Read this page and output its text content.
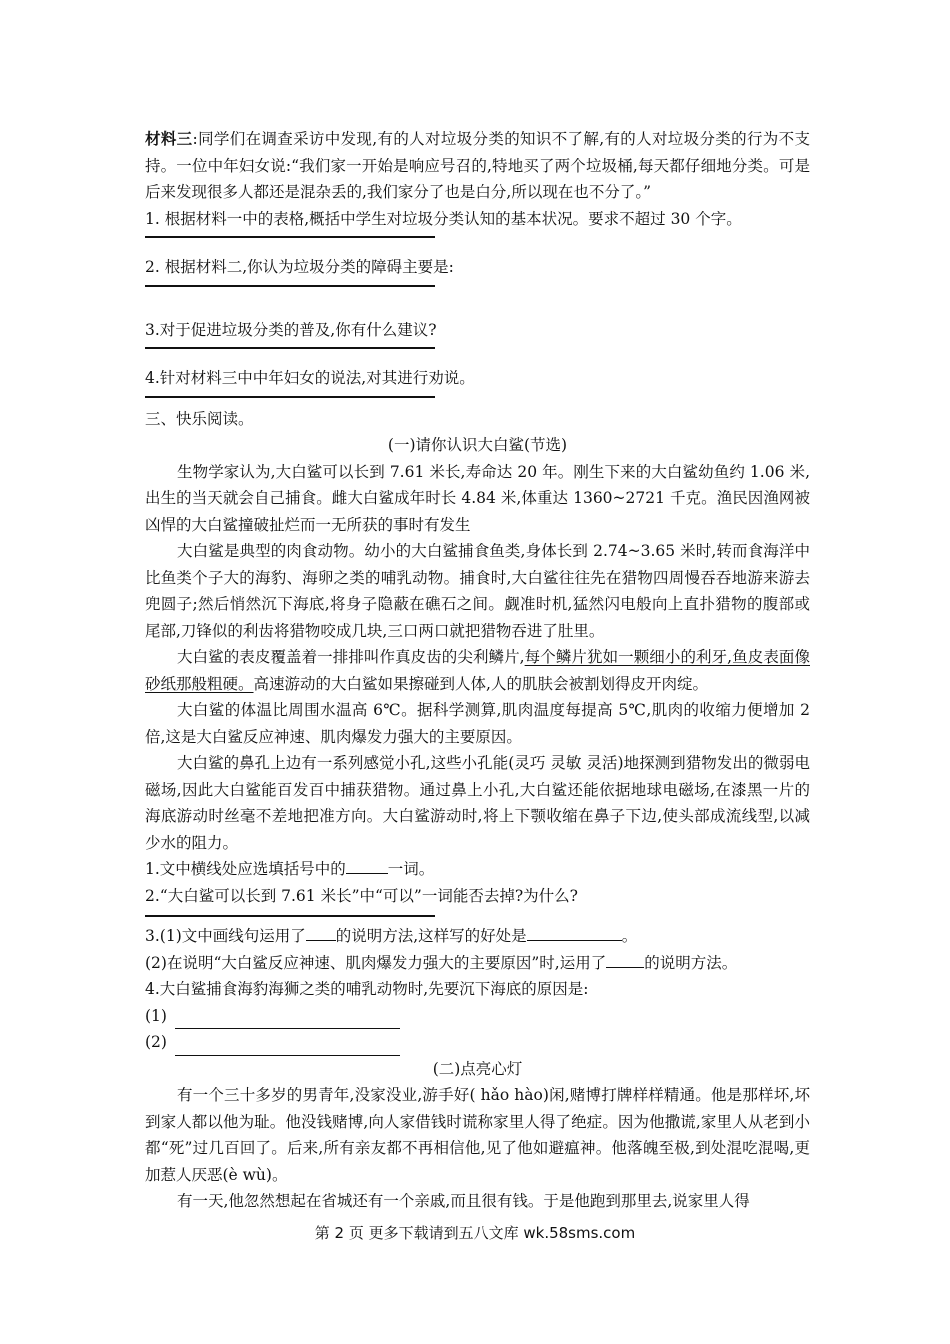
材料三:同学们在调查采访中发现,有的人对垃圾分类的知识不了解,有的人对垃圾分类的行为不支持。一位中年妇女说:“我们家一开始是响应号召的,特地买了两个垃圾桶,每天都仔细地分类。可是后来发现很多人都还是混杂丢的,我们家分了也是白分,所以现在也不分了。”

1. 根据材料一中的表格,概括中学生对垃圾分类认知的基本状况。要求不超过 30 个字。

2. 根据材料二,你认为垃圾分类的障碍主要是:

3.对于促进垃圾分类的普及,你有什么建议?

4.针对材料三中中年妇女的说法,对其进行劝说。

三、快乐阅读。

(一)请你认识大白鲨(节选)

生物学家认为,大白鲨可以长到 7.61 米长,寿命达 20 年。刚生下来的大白鲨幼鱼约 1.06 米,出生的当天就会自己捕食。雌大白鲨成年时长 4.84 米,体重达 1360~2721 千克。渔民因渔网被凶悍的大白鲨撞破扯烂而一无所获的事时有发生

大白鲨是典型的肉食动物。幼小的大白鲨捕食鱼类,身体长到 2.74~3.65 米时,转而食海洋中比鱼类个子大的海豹、海卵之类的哺乳动物。捕食时,大白鲨往往先在猎物四周慢吞吞地游来游去兜圆子;然后悄然沉下海底,将身子隐蔽在礁石之间。觑准时机,猛然闪电般向上直扑猎物的腹部或尾部,刀锋似的利齿将猎物咬成几块,三口两口就把猎物吞进了肚里。

大白鲨的表皮覆盖着一排排叫作真皮齿的尖利鳞片,每个鳞片犹如一颗细小的利牙,鱼皮表面像砂纸那般粗硬。高速游动的大白鲨如果擦碰到人体,人的肌肤会被割划得皮开肉绽。

大白鲨的体温比周围水温高 6℃。据科学测算,肌肉温度每提高 5℃,肌肉的收缩力便增加 2 倍,这是大白鲨反应神速、肌肉爆发力强大的主要原因。

大白鲨的鼻孔上边有一系列感觉小孔,这些小孔能(灵巧 灵敏 灵活)地探测到猎物发出的微弱电磁场,因此大白鲨能百发百中捕获猎物。通过鼻上小孔,大白鲨还能依据地球电磁场,在漆黑一片的海底游动时丝毫不差地把准方向。大白鲨游动时,将上下颚收缩在鼻子下边,使头部成流线型,以减少水的阻力。

1.文中横线处应选填括号中的	一词。

2.“大白鲨可以长到 7.61 米长”中“可以”一词能否去掉?为什么?

3.(1)文中画线句运用了 的说明方法,这样写的好处是	。

(2)在说明“大白鲨反应神速、肌肉爆发力强大的主要原因”时,运用了 的说明方法。

4.大白鲨捕食海豹海狮之类的哺乳动物时,先要沉下海底的原因是:

(1)

(2)

(二)点亮心灯

有一个三十多岁的男青年,没家没业,游手好( hǎo hào)闲,赌博打牌样样精通。他是那样坏,坏到家人都以他为耻。他没钱赌博,向人家借钱时谎称家里人得了绝症。因为他撒谎,家里人从老到小都“死”过几百回了。后来,所有亲友都不再相信他,见了他如避瘟神。他落魄至极,到处混吃混喝,更加惹人厌恶(è wù)。

有一天,他忽然想起在省城还有一个亲戚,而且很有钱。于是他跑到那里去,说家里人得

第 2 页 更多下载请到五八文库 wk.58sms.com
